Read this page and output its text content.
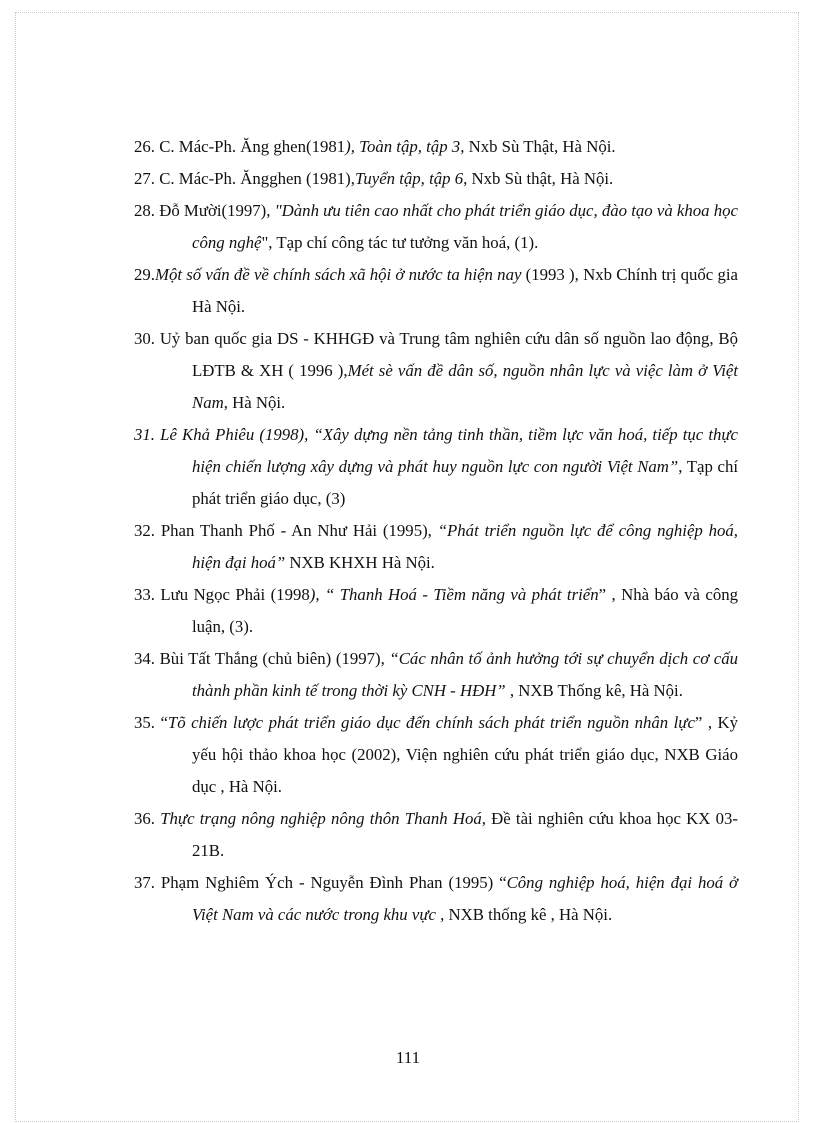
26. C. Mác-Ph. Ăng ghen(1981), Toàn tập, tập 3, Nxb Sù Thật, Hà Nội.
27. C. Mác-Ph. Ăngghen (1981),Tuyển tập, tập 6, Nxb Sù thật, Hà Nội.
28. Đỗ Mười(1997), "Dành ưu tiên cao nhất cho phát triển giáo dục, đào tạo và khoa học công nghệ", Tạp chí công tác tư tưởng văn hoá, (1).
29.Một số vấn đề về chính sách xã hội ở nước ta hiện nay (1993 ), Nxb Chính trị quốc gia Hà Nội.
30. Uỷ ban quốc gia DS - KHHGĐ và Trung tâm nghiên cứu dân số nguồn lao động, Bộ LĐTB & XH ( 1996 ),Mét sè vấn đề dân số, nguồn nhân lực và việc làm ở Việt Nam, Hà Nội.
31. Lê Khả Phiêu (1998), “Xây dựng nền tảng tinh thần, tiềm lực văn hoá, tiếp tục thực hiện chiến lượng xây dựng và phát huy nguồn lực con người Việt Nam”, Tạp chí phát triển giáo dục, (3)
32. Phan Thanh Phố - An Như Hải (1995), “Phát triển nguồn lực để công nghiệp hoá, hiện đại hoá” NXB KHXH Hà Nội.
33. Lưu Ngọc Phải (1998), “ Thanh Hoá - Tiềm năng và phát triển” , Nhà báo và công luận, (3).
34. Bùi Tất Thắng (chủ biên) (1997), “Các nhân tố ảnh hưởng tới sự chuyển dịch cơ cấu thành phần kinh tế trong thời kỳ CNH - HĐH” , NXB Thống kê, Hà Nội.
35. “Tõ chiến lược phát triển giáo dục đến chính sách phát triển nguồn nhân lực” , Kỷ yếu hội thảo khoa học (2002), Viện nghiên cứu phát triển giáo dục, NXB Giáo dục , Hà Nội.
36. Thực trạng nông nghiệp nông thôn Thanh Hoá, Đề tài nghiên cứu khoa học KX 03-21B.
37. Phạm Nghiêm Ých - Nguyễn Đình Phan (1995) “Công nghiệp hoá, hiện đại hoá ở Việt Nam và các nước trong khu vực , NXB thống kê , Hà Nội.
111
